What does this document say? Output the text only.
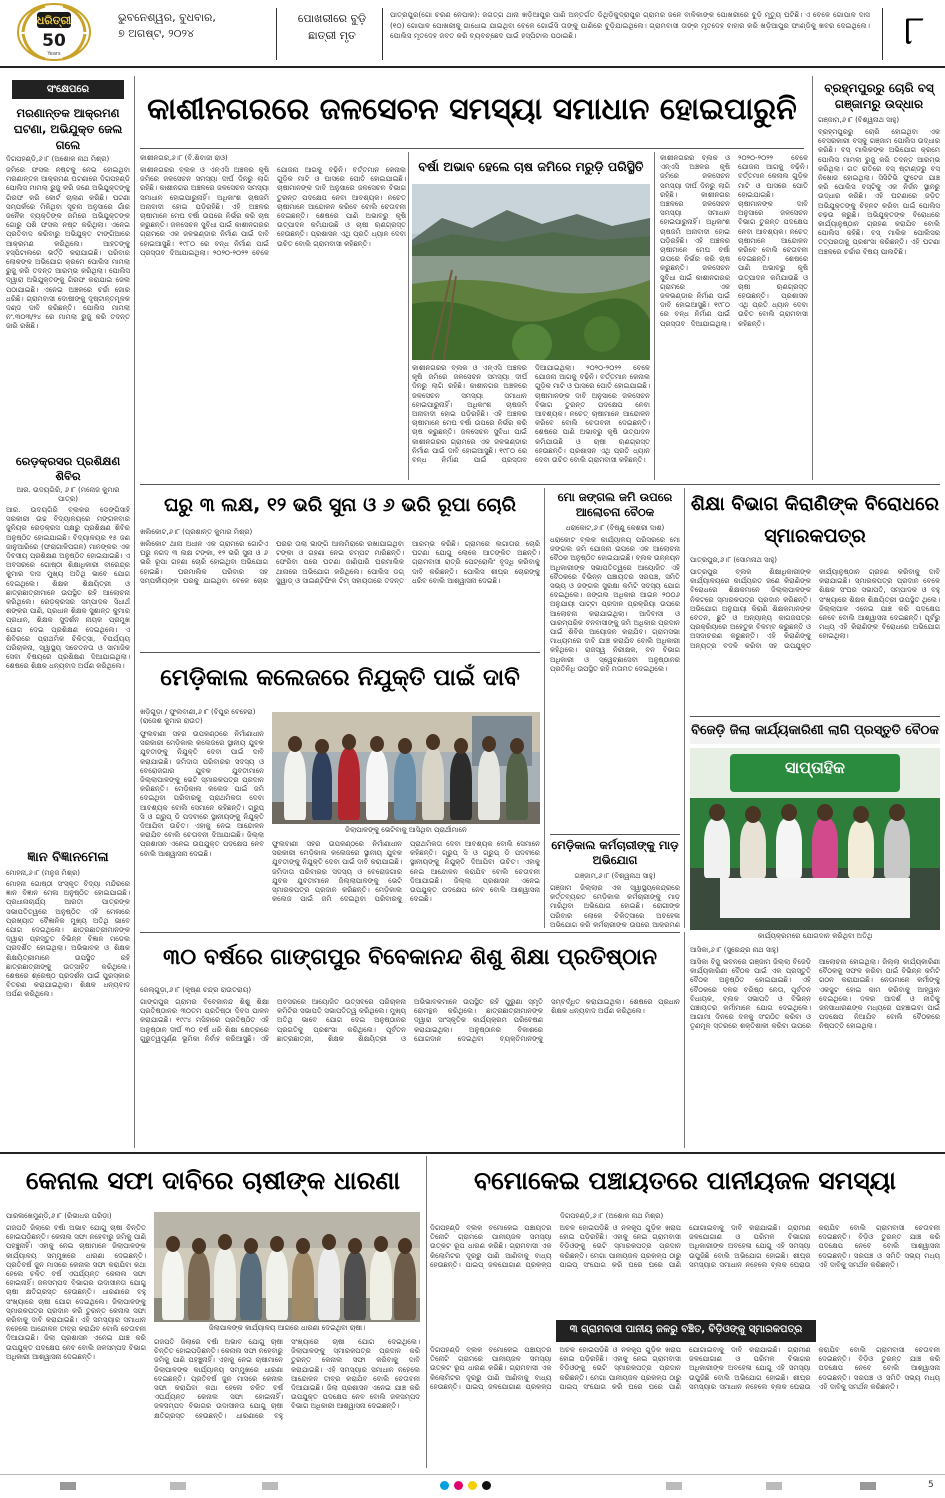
ଧରିତ୍ରୀ
50
Years
ଭୁବନେଶ୍ୱର, ବୁଧବାର,
୭ ଅଗଷ୍ଟ, ୨୦୨୪
ପୋଖରୀରେ ବୁଡ଼ି ଛାତ୍ରୀ ମୃତ
ପାତ୍ରପୁର(ଗୋ ଚରଣ ନେପାକ): ଜଗତ୍ଗ ଥାନା ଖଡ଼ିଆପୁର ପାଣି ଅନ୍ତର୍ଗତ ଡିଥିଡ଼ିକୁଦ୍ରାପୁର ଗ୍ରାମର ଜନେ ବାଳିକାଙ୍କ ପୋଖରୀରେ ବୁଡ଼ି ମୃତ୍ୟୁ ଘଟିଛି। ଏ ବେଳେ ଗୋପାଳ ଦାସ (୧୦) ଗୋପାଳ ପୋଖରୀକୁ ଗାଧୋଇ ଯାଇଥିବା ବେଳେ ଗୋଇଁସି ତାଙ୍କୁ ପାଣିରେ ବୁଡ଼ିଯାଇଥିଲେ। ଗ୍ରାମବାସୀ ତାଙ୍କ ମୃତଦେହ ବାହାର କରି ଖଡ଼ିଆପୁର ଫାଣ୍ଡିକୁ ଖବର ଦେଇଥିଲେ। ପୋଲିସ ମୃତଦେହ ଜବତ କରି ବ୍ୟବଚ୍ଛେଦ ପାଇଁ ହସ୍ପିଟାଲ ପଠାଇଛି।	୮
ସଂକ୍ଷେପରେ
ମରଣାନ୍ତକ ଆକ୍ରମଣ ଘଟଣା, ଅଭିଯୁକ୍ତ ଜେଲ ଗଲେ
ଦିଗପହଣ୍ଡି,୬।୮ (ଅଶୋକ ନାଥ ମିଶ୍ର)
ଜମିରେ ଫସଲ ନଷ୍ଟକୁ ନେଇ ହୋଇଥିବା ମରଣାନ୍ତକ ଆକ୍ରମଣ ଘଟଣାରେ ଦିଗପହଣ୍ଡି ପୋଲିସ ମାମଲା ରୁଜୁ କରି ଜଣେ ଅଭିଯୁକ୍ତଙ୍କୁ ଗିରଫ କରି କୋର୍ଟ ଚାଲାଣ କରିଛି। ଘଟଣା ସମ୍ପର୍କରେ ମିଳିଥିବା ସୂଚନା ଅନୁସାରେ ଗାଁର ଜନୈକ ବ୍ୟକ୍ତିଙ୍କ ଜମିରେ ଅଭିଯୁକ୍ତଙ୍କ ଗୋରୁ ପଶି ଫସଲ ନଷ୍ଟ କରିଥିଲା। ଏନେଇ ପ୍ରତିବାଦ କରିବାରୁ ଅଭିଯୁକ୍ତ ଟାଙ୍ଗିଆରେ ଆକ୍ରମଣ କରିଥିଲେ। ଆହତଙ୍କୁ ହସ୍ପିଟାଲରେ ଭର୍ତ୍ତି କରାଯାଇଛି। ପରିବାର ଲୋକଙ୍କ ଅଭିଯୋଗ କ୍ରମେ ପୋଲିସ ମାମଲା ରୁଜୁ କରି ତଦନ୍ତ ଆରମ୍ଭ କରିଥିଲା। ପୋଲିସ ଦ୍ୱାରା ଅଭିଯୁକ୍ତଙ୍କୁ ଗିରଫ କରାଯାଇ ଜେଲ ପଠାଯାଇଛି। ଏନେଇ ଅଞ୍ଚଳରେ ଚର୍ଚ୍ଚା ଜୋର ଧରିଛି। ଗ୍ରାମବାସୀ ଦୋଷୀଙ୍କୁ ଦୃଷ୍ଟାନ୍ତମୂଳକ ଦଣ୍ଡ ଦାବି କରିଛନ୍ତି। ପୋଲିସ ମାମଲା ନଂ.୩୦୩/୨୪ ରେ ମାମଲା ରୁଜୁ କରି ତଦନ୍ତ ଜାରି ରଖିଛି।
ରେଡ଼କ୍ରସର ପ୍ରଶିକ୍ଷଣ ଶିବିର
ଆର. ଉଦୟଗିରି, ୬।୮ (ମନୋଜ କୁମାର ପାତ୍ର)
ଆର. ଉଦୟଗିରି ବ୍ଲକର ଡେଙ୍ଗିସାହି ସରକାରୀ ଉଚ୍ଚ ବିଦ୍ୟାଳୟରେ ମଙ୍ଗଳବାର ଜୁନିୟର ରେଡ଼କ୍ରସ ପକ୍ଷରୁ ପ୍ରଶିକ୍ଷଣ ଶିବିର ଅନୁଷ୍ଠିତ ହୋଇଯାଇଛି। ବିଦ୍ୟାଳୟର ୧୫ ଜଣ ଜାନୁଆରିରେ (ଫରାଗାଳିପଗନ) ମାନଙ୍କର ଏକ ଦିବସୀୟ ପ୍ରଶିକ୍ଷଣ ଅନୁଷ୍ଠିତ ହୋଇଯାଇଛି। ଏ ଅବସରରେ ଗୋଷ୍ଠୀ ଶିକ୍ଷାଧିକାରୀ ବୀରେନ୍ଦ୍ର କୁମାର ଦାସ ମୁଖ୍ୟ ଅତିଥି ଭାବେ ଯୋଗ ଦେଇଥିଲେ। ଶିକ୍ଷକ ଶିକ୍ଷୟିତ୍ରୀ ଓ ଛାତ୍ରଛାତ୍ରୀମାନେ ଉପସ୍ଥିତ ରହି ଆଲୋଚନା କରିଥିଲେ। ରେଡ଼କ୍ରସର ସମ୍ପାଦକ ସିଧାର୍ଥ ଶଙ୍କର ପାଣି, ପ୍ରଧାନ ଶିକ୍ଷକ ସୁଶାନ୍ତ କୁମାର ପ୍ରଧାନ, ଶିକ୍ଷକ ସୁଦର୍ଶନ ନାୟକ ପ୍ରମୁଖ ଯୋଗ ଦେଇ ପ୍ରଶିକ୍ଷଣ ଦେଇଥିଲେ। ଏ ଶିବିରରେ ପ୍ରାଥମିକ ଚିକିତ୍ସା, ବିପର୍ଯ୍ୟୟ ପରିଚାଳନା, ସ୍ୱାସ୍ଥ୍ୟ ସଚେତନତା ଓ ସାମାଜିକ ସେବା ବିଷୟରେ ପ୍ରଶିକ୍ଷଣ ଦିଆଯାଇଥିଲା। ଶେଷରେ ଶିକ୍ଷକ ଧନ୍ୟବାଦ ଅର୍ପଣ କରିଥିଲେ।
ଜ୍ଞାନ ବିଜ୍ଞାନମେଳା
ମୋହନା,୬।୮ (ମନୁଜ ମିଶ୍ର)
ମୋହନା ଗୋଷ୍ଠୀ ସଂସ୍କୃତ ବିଦ୍ୟା ମନ୍ଦିରରେ ଜ୍ଞାନ ବିଜ୍ଞାନ ମେଳା ଅନୁଷ୍ଠିତ ହୋଇଯାଇଛି। ପ୍ରଧାନାଚାର୍ଯ୍ୟ ଆରତୀ ପାତ୍ରଙ୍କ ସଭାପତିତ୍ୱରେ ଅନୁଷ୍ଠିତ ଏହି ମେଳାରେ ପ୍ରଖ୍ୟାତ ବୈଜ୍ଞାନିକ ମୁଖ୍ୟ ଅତିଥି ଭାବେ ଯୋଗ ଦେଇଥିଲେ। ଛାତ୍ରଛାତ୍ରୀମାନଙ୍କ ଦ୍ୱାରା ପ୍ରସ୍ତୁତ ବିଭିନ୍ନ ବିଜ୍ଞାନ ମଡେଲ ପ୍ରଦର୍ଶିତ ହୋଇଥିଲା। ଅଭିଭାବକ ଓ ଶିକ୍ଷକ ଶିକ୍ଷୟିତ୍ରୀମାନେ ଉପସ୍ଥିତ ରହି ଛାତ୍ରଛାତ୍ରୀଙ୍କୁ ଉତ୍ସାହିତ କରିଥିଲେ। ଶେଷରେ ଶ୍ରେଷ୍ଠ ପ୍ରଦର୍ଶନ ପାଇଁ ପୁରସ୍କାର ବିତରଣ କରାଯାଇଥିଲା। ଶିକ୍ଷକ ଧନ୍ୟବାଦ ଅର୍ପଣ କରିଥିଲେ।
କାଶୀନଗରରେ ଜଳସେଚନ ସମସ୍ୟା ସମାଧାନ ହୋଇପାରୁନି
କାଶୀନଗର,୬।୮ (ବି.ଶିବାଜୀ ରାଓ)
କାଶୀନଗରର ବ୍ଲକ ଓ ଏନ୍‌ଏସି ଅଞ୍ଚଳର କୃଷି ଜମିରେ ଜଳସେଚନ ସମସ୍ୟା ଦୀର୍ଘ ଦିନରୁ ଲାଗି ରହିଛି। କାଶୀନଗର ଅଞ୍ଚଳରେ ଜଳସେଚନ ସମସ୍ୟା ସମାଧାନ ହୋଇପାରୁନାହିଁ। ଅଧିକାଂଶ ଚାଷଜମି ଅନାବାଦୀ ହୋଇ ପଡ଼ିରହିଛି। ଏହି ଅଞ୍ଚଳର ଚାଷୀମାନେ ମେଘ ବର୍ଷା ଉପରେ ନିର୍ଭର କରି ଚାଷ କରୁଛନ୍ତି। ଜଳସେଚନ ସୁବିଧା ପାଇଁ କାଶୀନଗରର ଗ୍ରାମରେ ଏକ ଜଳଭଣ୍ଡାର ନିର୍ମାଣ ପାଇଁ ଦାବି ହୋଇଆସୁଛି। ୧୯୮୦ ରେ ବନ୍ଧ ନିର୍ମାଣ ପାଇଁ ପ୍ରସ୍ତାବ ଦିଆଯାଇଥିଲା। ୨୦୨୦-୨୦୨୨ ବେଳେ ଯୋଜନା ଆଗକୁ ବଢ଼ିନି। ବର୍ତ୍ତମାନ କେନାଲ ଗୁଡ଼ିକ ମାଟି ଓ ଘାସରେ ପୋତି ହୋଇଯାଇଛି। ଚାଷୀମାନଙ୍କ ଦାବି ଅନୁସାରେ ଜଳସେଚନ ବିଭାଗ ତୁରନ୍ତ ପଦକ୍ଷେପ ନେବା ଆବଶ୍ୟକ। ନଚେତ୍ ଚାଷୀମାନେ ଆନ୍ଦୋଳନ କରିବେ ବୋଲି ଚେତାବନୀ ଦେଇଛନ୍ତି। ଶେଷରେ ପାଣି ଅଭାବରୁ କୃଷି ଉତ୍ପାଦନ କମିଯାଉଛି ଓ ଚାଷୀ ଋଣଗ୍ରସ୍ତ ହେଉଛନ୍ତି। ପ୍ରଶାସନ ଏଥି ପ୍ରତି ଧ୍ୟାନ ଦେବା ଉଚିତ ବୋଲି ଗ୍ରାମବାସୀ କହିଛନ୍ତି।
ବର୍ଷା ଅଭାବ ହେଲେ ଚାଷ ଜମିରେ ମରୁଡ଼ି ପରିସ୍ଥିତି
କାଶୀନଗରର ବ୍ଲକ ଓ ଏନ୍‌ଏସି ଅଞ୍ଚଳର କୃଷି ଜମିରେ ଜଳସେଚନ ସମସ୍ୟା ଦୀର୍ଘ ଦିନରୁ ଲାଗି ରହିଛି। କାଶୀନଗର ଅଞ୍ଚଳରେ ଜଳସେଚନ ସମସ୍ୟା ସମାଧାନ ହୋଇପାରୁନାହିଁ। ଅଧିକାଂଶ ଚାଷଜମି ଅନାବାଦୀ ହୋଇ ପଡ଼ିରହିଛି। ଏହି ଅଞ୍ଚଳର ଚାଷୀମାନେ ମେଘ ବର୍ଷା ଉପରେ ନିର୍ଭର କରି ଚାଷ କରୁଛନ୍ତି। ଜଳସେଚନ ସୁବିଧା ପାଇଁ କାଶୀନଗରର ଗ୍ରାମରେ ଏକ ଜଳଭଣ୍ଡାର ନିର୍ମାଣ ପାଇଁ ଦାବି ହୋଇଆସୁଛି। ୧୯୮୦ ରେ ବନ୍ଧ ନିର୍ମାଣ ପାଇଁ ପ୍ରସ୍ତାବ ଦିଆଯାଇଥିଲା। ୨୦୨୦-୨୦୨୨ ବେଳେ ଯୋଜନା ଆଗକୁ ବଢ଼ିନି। ବର୍ତ୍ତମାନ କେନାଲ ଗୁଡ଼ିକ ମାଟି ଓ ଘାସରେ ପୋତି ହୋଇଯାଇଛି। ଚାଷୀମାନଙ୍କ ଦାବି ଅନୁସାରେ ଜଳସେଚନ ବିଭାଗ ତୁରନ୍ତ ପଦକ୍ଷେପ ନେବା ଆବଶ୍ୟକ। ନଚେତ୍ ଚାଷୀମାନେ ଆନ୍ଦୋଳନ କରିବେ ବୋଲି ଚେତାବନୀ ଦେଇଛନ୍ତି। ଶେଷରେ ପାଣି ଅଭାବରୁ କୃଷି ଉତ୍ପାଦନ କମିଯାଉଛି ଓ ଚାଷୀ ଋଣଗ୍ରସ୍ତ ହେଉଛନ୍ତି। ପ୍ରଶାସନ ଏଥି ପ୍ରତି ଧ୍ୟାନ ଦେବା ଉଚିତ ବୋଲି ଗ୍ରାମବାସୀ କହିଛନ୍ତି।
କାଶୀନଗରର ବ୍ଲକ ଓ ଏନ୍‌ଏସି ଅଞ୍ଚଳର କୃଷି ଜମିରେ ଜଳସେଚନ ସମସ୍ୟା ଦୀର୍ଘ ଦିନରୁ ଲାଗି ରହିଛି। କାଶୀନଗର ଅଞ୍ଚଳରେ ଜଳସେଚନ ସମସ୍ୟା ସମାଧାନ ହୋଇପାରୁନାହିଁ। ଅଧିକାଂଶ ଚାଷଜମି ଅନାବାଦୀ ହୋଇ ପଡ଼ିରହିଛି। ଏହି ଅଞ୍ଚଳର ଚାଷୀମାନେ ମେଘ ବର୍ଷା ଉପରେ ନିର୍ଭର କରି ଚାଷ କରୁଛନ୍ତି। ଜଳସେଚନ ସୁବିଧା ପାଇଁ କାଶୀନଗରର ଗ୍ରାମରେ ଏକ ଜଳଭଣ୍ଡାର ନିର୍ମାଣ ପାଇଁ ଦାବି ହୋଇଆସୁଛି। ୧୯୮୦ ରେ ବନ୍ଧ ନିର୍ମାଣ ପାଇଁ ପ୍ରସ୍ତାବ ଦିଆଯାଇଥିଲା। ୨୦୨୦-୨୦୨୨ ବେଳେ ଯୋଜନା ଆଗକୁ ବଢ଼ିନି। ବର୍ତ୍ତମାନ କେନାଲ ଗୁଡ଼ିକ ମାଟି ଓ ଘାସରେ ପୋତି ହୋଇଯାଇଛି। ଚାଷୀମାନଙ୍କ ଦାବି ଅନୁସାରେ ଜଳସେଚନ ବିଭାଗ ତୁରନ୍ତ ପଦକ୍ଷେପ ନେବା ଆବଶ୍ୟକ। ନଚେତ୍ ଚାଷୀମାନେ ଆନ୍ଦୋଳନ କରିବେ ବୋଲି ଚେତାବନୀ ଦେଇଛନ୍ତି। ଶେଷରେ ପାଣି ଅଭାବରୁ କୃଷି ଉତ୍ପାଦନ କମିଯାଉଛି ଓ ଚାଷୀ ଋଣଗ୍ରସ୍ତ ହେଉଛନ୍ତି। ପ୍ରଶାସନ ଏଥି ପ୍ରତି ଧ୍ୟାନ ଦେବା ଉଚିତ ବୋଲି ଗ୍ରାମବାସୀ କହିଛନ୍ତି।
ବ୍ରହ୍ମପୁରରୁ ଚୋରି ବସ୍ ଗଞ୍ଜାମରୁ ଉଦ୍ଧାର
ଗଞ୍ଜାମ,୬।୮ (ବିଶ୍ୱନାଥ ସାହୁ)
ବ୍ରହ୍ମପୁରରୁ ଚୋରି ହୋଇଥିବା ଏକ ବେସରକାରୀ ବସ୍‌କୁ ଗଞ୍ଜାମ ପୋଲିସ ଉଦ୍ଧାର କରିଛି। ବସ୍ ମାଲିକଙ୍କ ଅଭିଯୋଗ କ୍ରମେ ପୋଲିସ ମାମଲା ରୁଜୁ କରି ତଦନ୍ତ ଆରମ୍ଭ କରିଥିଲା। ଗତ ରାତିରେ ବସ୍ ଷ୍ଟାଣ୍ଡରୁ ବସ୍ ନିଖୋଜ ହୋଇଥିଲା। ସିସିଟିଭି ଫୁଟେଜ ଯାଞ୍ଚ କରି ପୋଲିସ ବସ୍‌ଟିକୁ ଏକ ନିର୍ଜନ ସ୍ଥାନରୁ ଉଦ୍ଧାର କରିଛି। ଏହି ଘଟଣାରେ ଜଡ଼ିତ ଅଭିଯୁକ୍ତଙ୍କୁ ଚିହ୍ନଟ କରିବା ପାଇଁ ପୋଲିସ ଚଢ଼ଉ କରୁଛି। ଅଭିଯୁକ୍ତଙ୍କ ବିରୋଧରେ କାର୍ଯ୍ୟାନୁଷ୍ଠାନ ଗ୍ରହଣ କରାଯିବ ବୋଲି ପୋଲିସ କହିଛି। ବସ୍ ମାଲିକ ପୋଲିସର ତତ୍ପରତାକୁ ପ୍ରଶଂସା କରିଛନ୍ତି। ଏହି ଘଟଣା ଅଞ୍ଚଳରେ ଚର୍ଚ୍ଚାର ବିଷୟ ପାଲଟିଛି।
ଘରୁ ୩ ଲକ୍ଷ, ୧୨ ଭରି ସୁନା ଓ ୬ ଭରି ରୂପା ଚୋରି
ଖଲିକୋଟ,୬।୮ (ପ୍ରଶାନ୍ତ କୁମାର ମିଶ୍ର)
ଖଲିକୋଟ ଥାନା ଅଧୀନ ଏକ ଗ୍ରାମରେ ଗୋଟିଏ ଘରୁ ନଗଦ ୩ ଲକ୍ଷ ଟଙ୍କା, ୧୨ ଭରି ସୁନା ଓ ୬ ଭରି ରୂପା ଗହଣା ଚୋରି ହୋଇଥିବା ଅଭିଯୋଗ ହୋଇଛି। ଘରମାଲିକ ପରିବାର ସହ ସମ୍ପର୍କୀୟଙ୍କ ଘରକୁ ଯାଇଥିବା ବେଳେ ଚୋର ଘରର ତାଲା ଭାଙ୍ଗି ଆଲମିରାରେ ରଖାଯାଇଥିବା ଟଙ୍କା ଓ ଗହଣା ନେଇ ଚମ୍ପଟ ମାରିଛନ୍ତି। ଫେରିବା ପରେ ଘଟଣା ଜାଣିପାରି ଘରମାଲିକ ଥାନାରେ ଅଭିଯୋଗ କରିଥିଲେ। ପୋଲିସ ଡଗ୍ ସ୍କ୍ୱାଡ୍ ଓ ସାଇଣ୍ଟିଫିକ ଟିମ୍ ସହାୟତାରେ ତଦନ୍ତ ଆରମ୍ଭ କରିଛି। ଗ୍ରାମରେ ଲଗାତାର ଚୋରି ଘଟଣା ଯୋଗୁ ଲୋକେ ଆତଙ୍କିତ ଅଛନ୍ତି। ଗ୍ରାମବାସୀ ରାତ୍ରି ପେଟ୍ରୋଲିଂ ବୃଦ୍ଧି କରିବାକୁ ଦାବି କରିଛନ୍ତି। ପୋଲିସ ଶୀଘ୍ର ଚୋରଙ୍କୁ ଧରିବ ବୋଲି ଆଶ୍ୱାସନା ଦେଇଛି।
ମୋ ଜଙ୍ଗଲ ଜମି ଉପରେ ଆଲୋଚନା ବୈଠକ
ଧରାକୋଟ,୬।୮ (ବିଷ୍ଣୁ କେଶରୀ ଦାଶ)
ଧରାକୋଟ ବ୍ଲକ କାର୍ଯ୍ୟାଳୟ ପରିସରରେ ମୋ ଜଙ୍ଗଲ ଜମି ଯୋଜନା ଉପରେ ଏକ ଆଲୋଚନା ବୈଠକ ଅନୁଷ୍ଠିତ ହୋଇଯାଇଛି। ବ୍ଲକ ଉନ୍ନୟନ ଅଧିକାରୀଙ୍କ ସଭାପତିତ୍ୱରେ ଆୟୋଜିତ ଏହି ବୈଠକରେ ବିଭିନ୍ନ ପଞ୍ଚାୟତର ସରପଞ୍ଚ, ସମିତି ସଭ୍ୟ ଓ ଜଙ୍ଗଲ ସୁରକ୍ଷା କମିଟି ସଦସ୍ୟ ଯୋଗ ଦେଇଥିଲେ। ଜଙ୍ଗଲ ଅଧିକାର ଆଇନ ୨୦୦୬ ଅନୁଯାୟୀ ପାଟ୍ଟା ପ୍ରଦାନ ପ୍ରକ୍ରିୟା ଉପରେ ଆଲୋଚନା କରାଯାଇଥିଲା। ଆଦିବାସୀ ଓ ପାରମ୍ପରିକ ବନବାସୀଙ୍କୁ ଜମି ଅଧିକାର ପ୍ରଦାନ ପାଇଁ ଶିବିର ଆୟୋଜନ କରାଯିବ। ଗ୍ରାମସଭା ମାଧ୍ୟମରେ ଦାବି ଯାଞ୍ଚ କରାଯିବ ବୋଲି ଅଧିକାରୀ କହିଥିଲେ। ରାଜସ୍ୱ ନିରୀକ୍ଷକ, ବନ ବିଭାଗ ଅଧିକାରୀ ଓ ସ୍ୱେଚ୍ଛାସେବୀ ଅନୁଷ୍ଠାନର ପ୍ରତିନିଧି ଉପସ୍ଥିତ ରହି ମତାମତ ଦେଇଥିଲେ।
ଶିକ୍ଷା ବିଭାଗ କିରାଣିଙ୍କ ବିରୋଧରେ ସ୍ମାରକପତ୍ର
ପାତ୍ରପୁର,୬।୮ (ସୋମନାଥ ସାହୁ)
ପାତ୍ରପୁର ବ୍ଲକ ଶିକ୍ଷାଧିକାରୀଙ୍କ କାର୍ଯ୍ୟାଳୟରେ କାର୍ଯ୍ୟରତ ଜଣେ କିରାଣିଙ୍କ ବିରୋଧରେ ଶିକ୍ଷକମାନେ ଜିଲ୍ଲାପାଳଙ୍କ ନିକଟରେ ସ୍ମାରକପତ୍ର ପ୍ରଦାନ କରିଛନ୍ତି। ଅଭିଯୋଗ ଅନୁଯାୟୀ କିରାଣି ଶିକ୍ଷକମାନଙ୍କ ବେତନ, ଛୁଟି ଓ ଅନ୍ୟାନ୍ୟ କାଗଜପତ୍ର ପ୍ରକ୍ରିୟାରେ ଅହେତୁକ ବିଳମ୍ବ କରୁଛନ୍ତି ଓ ଅସଦାଚରଣ କରୁଛନ୍ତି। ଏହି କିରାଣିଙ୍କୁ ଅନ୍ୟତ୍ର ବଦଳି କରିବା ସହ ଉପଯୁକ୍ତ କାର୍ଯ୍ୟାନୁଷ୍ଠାନ ଗ୍ରହଣ କରିବାକୁ ଦାବି କରାଯାଇଛି। ସ୍ମାରକପତ୍ର ପ୍ରଦାନ ବେଳେ ଶିକ୍ଷକ ସଂଘର ସଭାପତି, ସମ୍ପାଦକ ଓ ବହୁ ସଂଖ୍ୟାରେ ଶିକ୍ଷକ ଶିକ୍ଷୟିତ୍ରୀ ଉପସ୍ଥିତ ଥିଲେ। ଜିଲ୍ଲାପାଳ ଏନେଇ ଯାଞ୍ଚ କରି ପଦକ୍ଷେପ ନେବେ ବୋଲି ଆଶ୍ୱାସନା ଦେଇଛନ୍ତି। ପୂର୍ବରୁ ମଧ୍ୟ ଏହି କିରାଣିଙ୍କ ବିରୋଧରେ ଅଭିଯୋଗ ହୋଇଥିଲା।
ମେଡ଼ିକାଲ କଲେଜରେ ନିଯୁକ୍ତି ପାଇଁ ଦାବି
ଖଡ଼ିଗୁଡ଼ା / ଫୁଲବାଣୀ,୬।୮ (ବିପୁର ବେହେରା) (ରାଜେଶ କୁମାର ରାଉତ)
ଫୁଲବାଣୀ ସହର ଉପକଣ୍ଠରେ ନିର୍ମାଣାଧୀନ ସରକାରୀ ମେଡ଼ିକାଲ କଲେଜରେ ସ୍ଥାନୀୟ ଯୁବକ ଯୁବତୀଙ୍କୁ ନିଯୁକ୍ତି ଦେବା ପାଇଁ ଦାବି କରାଯାଇଛି। ଜମିଦାତା ପରିବାରର ସଦସ୍ୟ ଓ ବେରୋଜଗାର ଯୁବକ ଯୁବତୀମାନେ ଜିଲ୍ଲାପାଳଙ୍କୁ ଭେଟି ସ୍ମାରକପତ୍ର ପ୍ରଦାନ କରିଛନ୍ତି। ମେଡ଼ିକାଲ କଲେଜ ପାଇଁ ଜମି ଦେଇଥିବା ପରିବାରକୁ ପ୍ରାଥମିକତା ଦେବା ଆବଶ୍ୟକ ବୋଲି ସେମାନେ କହିଛନ୍ତି। ଗ୍ରୁପ୍ ସି ଓ ଗ୍ରୁପ୍ ଡି ପଦବୀରେ ସ୍ଥାନୀୟଙ୍କୁ ନିଯୁକ୍ତି ଦିଆଯିବା ଉଚିତ। ଏହାକୁ ନେଇ ଆନ୍ଦୋଳନ କରାଯିବ ବୋଲି ଚେତାବନୀ ଦିଆଯାଇଛି। ଜିଲ୍ଲା ପ୍ରଶାସନ ଏନେଇ ଉପଯୁକ୍ତ ପଦକ୍ଷେପ ନେବ ବୋଲି ଆଶ୍ୱାସନା ଦେଇଛି।
ଜିଲାପାଳଙ୍କୁ ଭେଟିବାକୁ ଆସିଥିବା ପ୍ରାର୍ଥୀମାନେ
ଫୁଲବାଣୀ ସହର ଉପକଣ୍ଠରେ ନିର୍ମାଣାଧୀନ ସରକାରୀ ମେଡ଼ିକାଲ କଲେଜରେ ସ୍ଥାନୀୟ ଯୁବକ ଯୁବତୀଙ୍କୁ ନିଯୁକ୍ତି ଦେବା ପାଇଁ ଦାବି କରାଯାଇଛି। ଜମିଦାତା ପରିବାରର ସଦସ୍ୟ ଓ ବେରୋଜଗାର ଯୁବକ ଯୁବତୀମାନେ ଜିଲ୍ଲାପାଳଙ୍କୁ ଭେଟି ସ୍ମାରକପତ୍ର ପ୍ରଦାନ କରିଛନ୍ତି। ମେଡ଼ିକାଲ କଲେଜ ପାଇଁ ଜମି ଦେଇଥିବା ପରିବାରକୁ ପ୍ରାଥମିକତା ଦେବା ଆବଶ୍ୟକ ବୋଲି ସେମାନେ କହିଛନ୍ତି। ଗ୍ରୁପ୍ ସି ଓ ଗ୍ରୁପ୍ ଡି ପଦବୀରେ ସ୍ଥାନୀୟଙ୍କୁ ନିଯୁକ୍ତି ଦିଆଯିବା ଉଚିତ। ଏହାକୁ ନେଇ ଆନ୍ଦୋଳନ କରାଯିବ ବୋଲି ଚେତାବନୀ ଦିଆଯାଇଛି। ଜିଲ୍ଲା ପ୍ରଶାସନ ଏନେଇ ଉପଯୁକ୍ତ ପଦକ୍ଷେପ ନେବ ବୋଲି ଆଶ୍ୱାସନା ଦେଇଛି।
ମେଡ଼ିକାଲ କର୍ମଚାରୀଙ୍କୁ ମାଡ଼ ଅଭିଯୋଗ
ଗଞ୍ଜାମ,୬।୮ (ବିଶ୍ୱନାଥ ସାହୁ)
ଗଞ୍ଜାମ ଜିଲ୍ଲାର ଏକ ସ୍ୱାସ୍ଥ୍ୟକେନ୍ଦ୍ରରେ କର୍ତ୍ତବ୍ୟରତ ମେଡ଼ିକାଲ କର୍ମଚାରୀଙ୍କୁ ମାଡ଼ ମାରିଥିବା ଅଭିଯୋଗ ହୋଇଛି। ରୋଗୀଙ୍କ ପରିବାର ଲୋକେ ଚିକିତ୍ସାରେ ଅବହେଳା ଅଭିଯୋଗ କରି କର୍ମଚାରୀଙ୍କ ଉପରେ ଆକ୍ରମଣ
ବିଜେଡ଼ି ଜିଲା କାର୍ଯ୍ୟକାରିଣୀ ଲାଗି ପ୍ରସ୍ତୁତି ବୈଠକ
ସାପ୍ତାହିକ
କାର୍ଯ୍ୟକ୍ରମରେ ଯୋଗଦାନ କରିଥିବା ଅତିଥି
ଆସିକା,୬।୮ (ସୁରେନ୍ଦ୍ର ନାଥ ସାହୁ)
ଆସିକା ବିଜୁ ଭବନରେ ଗଞ୍ଜାମ ଜିଲ୍ଲା ବିଜେଡ଼ି କାର୍ଯ୍ୟକାରିଣୀ ବୈଠକ ପାଇଁ ଏକ ପ୍ରସ୍ତୁତି ବୈଠକ ଅନୁଷ୍ଠିତ ହୋଇଯାଇଛି। ଏହି ବୈଠକରେ ଦଳର ବରିଷ୍ଠ ନେତା, ପୂର୍ବତନ ବିଧାୟକ, ବ୍ଲକ ସଭାପତି ଓ ବିଭିନ୍ନ ପଞ୍ଚାୟତର କର୍ମୀମାନେ ଯୋଗ ଦେଇଥିଲେ। ଆଗାମୀ ଦିନରେ ଦଳକୁ ସଂଗଠିତ କରିବା ଓ ତୃଣମୂଳ ସ୍ତରରେ ଶକ୍ତିଶାଳୀ କରିବା ଉପରେ ଆଲୋଚନା ହୋଇଥିଲା। ଜିଲ୍ଲା କାର୍ଯ୍ୟକାରିଣୀ ବୈଠକକୁ ସଫଳ କରିବା ପାଇଁ ବିଭିନ୍ନ କମିଟି ଗଠନ କରାଯାଇଛି। ନେତାମାନେ କର୍ମୀଙ୍କୁ ଏକଜୁଟ ହୋଇ କାମ କରିବାକୁ ଆହ୍ୱାନ ଦେଇଥିଲେ। ଦଳର ଆଦର୍ଶ ଓ ନୀତିକୁ ଜନସାଧାରଣଙ୍କ ମଧ୍ୟରେ ପହଞ୍ଚାଇବା ପାଇଁ ପଦକ୍ଷେପ ନିଆଯିବ ବୋଲି ବୈଠକରେ ନିଷ୍ପତ୍ତି ହୋଇଥିଲା।
୩୦ ବର୍ଷରେ ଗାଙ୍ଗପୁର ବିବେକାନନ୍ଦ ଶିଶୁ ଶିକ୍ଷା ପ୍ରତିଷ୍ଠାନ
ଜେଲ୍‌ଗୁଡ଼ା,୬।୮ (କୃଷ୍ଣ ଚନ୍ଦ୍ର ରାଉତରାୟ)
ଗାଙ୍ଗପୁର ଗ୍ରାମର ବିବେକାନନ୍ଦ ଶିଶୁ ଶିକ୍ଷା ପ୍ରତିଷ୍ଠାନର ୩୦ତମ ପ୍ରତିଷ୍ଠା ଦିବସ ପାଳନ କରାଯାଇଛି। ୧୯୯୪ ମସିହାରେ ପ୍ରତିଷ୍ଠିତ ଏହି ଅନୁଷ୍ଠାନ ଦୀର୍ଘ ୩୦ ବର୍ଷ ଧରି ଶିକ୍ଷା କ୍ଷେତ୍ରରେ ଗୁରୁତ୍ୱପୂର୍ଣ୍ଣ ଭୂମିକା ନିର୍ବାହ କରିଆସୁଛି। ଏହି ଅବସରରେ ଆୟୋଜିତ ଉତ୍ସବରେ ପରିଚାଳନା କମିଟିର ସଭାପତି ସଭାପତିତ୍ୱ କରିଥିଲେ। ମୁଖ୍ୟ ଅତିଥି ଭାବେ ଯୋଗ ଦେଇ ଅନୁଷ୍ଠାନର ପ୍ରଗତିକୁ ପ୍ରଶଂସା କରିଥିଲେ। ପୂର୍ବତନ ଛାତ୍ରଛାତ୍ରୀ, ଶିକ୍ଷକ ଶିକ୍ଷୟିତ୍ରୀ ଓ ଅଭିଭାବକମାନେ ଉପସ୍ଥିତ ରହି ପୁରୁଣା ସ୍ମୃତି ରୋମନ୍ଥନ କରିଥିଲେ। ଛାତ୍ରଛାତ୍ରୀମାନଙ୍କ ଦ୍ୱାରା ସାଂସ୍କୃତିକ କାର୍ଯ୍ୟକ୍ରମ ପରିବେଷଣ କରାଯାଇଥିଲା। ଅନୁଷ୍ଠାନର ବିକାଶରେ ଯୋଗଦାନ ଦେଇଥିବା ବ୍ୟକ୍ତିମାନଙ୍କୁ ସମ୍ବର୍ଦ୍ଧିତ କରାଯାଇଥିଲା। ଶେଷରେ ପ୍ରଧାନ ଶିକ୍ଷକ ଧନ୍ୟବାଦ ଅର୍ପଣ କରିଥିଲେ।
କେନାଲ ସଫା ଦାବିରେ ଚାଷୀଙ୍କ ଧାରଣା
ପାରଳାଖେମୁଣ୍ଡି,୬।୮ (ରିଭାଧର ପରିଡ଼ା)
ଜିଲାପାଳଙ୍କ କାର୍ଯ୍ୟାଳୟ ଆଗରେ ଧାରଣା ଦେଇଥିବା ଚାଷୀ।
ଗଜପତି ଜିଲାରେ ବର୍ଷା ଅଭାବ ଯୋଗୁ ଚାଷୀ ଚିନ୍ତିତ ହୋଇପଡ଼ିଛନ୍ତି। କେନାଲ ସଫା ନହେବାରୁ ଜମିକୁ ପାଣି ପହଞ୍ଚୁନାହିଁ। ଏହାକୁ ନେଇ ଚାଷୀମାନେ ଜିଲାପାଳଙ୍କ କାର୍ଯ୍ୟାଳୟ ସମ୍ମୁଖରେ ଧାରଣା ଦେଇଛନ୍ତି। ପ୍ରତିବର୍ଷ ଜୁନ ମାସରେ କେନାଲ ସଫା କରାଯିବା କଥା ହେଲେ ଚଳିତ ବର୍ଷ ଏପର୍ଯ୍ୟନ୍ତ କେନାଲ ସଫା ହୋଇନାହିଁ। ଜଳସମ୍ପଦ ବିଭାଗର ଉଦାସୀନତା ଯୋଗୁ ଚାଷୀ କ୍ଷତିଗ୍ରସ୍ତ ହେଉଛନ୍ତି। ଧାରଣାରେ ବହୁ ସଂଖ୍ୟାରେ ଚାଷୀ ଯୋଗ ଦେଇଥିଲେ। ଜିଲାପାଳଙ୍କୁ ସ୍ମାରକପତ୍ର ପ୍ରଦାନ କରି ତୁରନ୍ତ କେନାଲ ସଫା କରିବାକୁ ଦାବି କରାଯାଇଛି। ଏହି ସମସ୍ୟାର ସମାଧାନ ନହେଲେ ଆନ୍ଦୋଳନ ତୀବ୍ର କରାଯିବ ବୋଲି ଚେତାବନୀ ଦିଆଯାଇଛି। ଜିଲା ପ୍ରଶାସନ ଏନେଇ ଯାଞ୍ଚ କରି ଉପଯୁକ୍ତ ପଦକ୍ଷେପ ନେବ ବୋଲି ଜଳସମ୍ପଦ ବିଭାଗ ଅଧିକାରୀ ଆଶ୍ୱାସନା ଦେଇଛନ୍ତି।
ଗଜପତି ଜିଲାରେ ବର୍ଷା ଅଭାବ ଯୋଗୁ ଚାଷୀ ଚିନ୍ତିତ ହୋଇପଡ଼ିଛନ୍ତି। କେନାଲ ସଫା ନହେବାରୁ ଜମିକୁ ପାଣି ପହଞ୍ଚୁନାହିଁ। ଏହାକୁ ନେଇ ଚାଷୀମାନେ ଜିଲାପାଳଙ୍କ କାର୍ଯ୍ୟାଳୟ ସମ୍ମୁଖରେ ଧାରଣା ଦେଇଛନ୍ତି। ପ୍ରତିବର୍ଷ ଜୁନ ମାସରେ କେନାଲ ସଫା କରାଯିବା କଥା ହେଲେ ଚଳିତ ବର୍ଷ ଏପର୍ଯ୍ୟନ୍ତ କେନାଲ ସଫା ହୋଇନାହିଁ। ଜଳସମ୍ପଦ ବିଭାଗର ଉଦାସୀନତା ଯୋଗୁ ଚାଷୀ କ୍ଷତିଗ୍ରସ୍ତ ହେଉଛନ୍ତି। ଧାରଣାରେ ବହୁ ସଂଖ୍ୟାରେ ଚାଷୀ ଯୋଗ ଦେଇଥିଲେ। ଜିଲାପାଳଙ୍କୁ ସ୍ମାରକପତ୍ର ପ୍ରଦାନ କରି ତୁରନ୍ତ କେନାଲ ସଫା କରିବାକୁ ଦାବି କରାଯାଇଛି। ଏହି ସମସ୍ୟାର ସମାଧାନ ନହେଲେ ଆନ୍ଦୋଳନ ତୀବ୍ର କରାଯିବ ବୋଲି ଚେତାବନୀ ଦିଆଯାଇଛି। ଜିଲା ପ୍ରଶାସନ ଏନେଇ ଯାଞ୍ଚ କରି ଉପଯୁକ୍ତ ପଦକ୍ଷେପ ନେବ ବୋଲି ଜଳସମ୍ପଦ ବିଭାଗ ଅଧିକାରୀ ଆଶ୍ୱାସନା ଦେଇଛନ୍ତି।
ବମୋକେଇ ପଞ୍ଚାୟତରେ ପାନୀୟଜଳ ସମସ୍ୟା
ଦିଗପହଣ୍ଡି,୬।୮ (ଅଶୋକ ନାଥ ମିଶ୍ର)
ଦିଗପହଣ୍ଡି ବ୍ଲକ ବମୋକେଇ ପଞ୍ଚାୟତର ତିନୋଟି ଗ୍ରାମରେ ପାନୀୟଜଳ ସମସ୍ୟା ଉତ୍କଟ ରୂପ ଧାରଣ କରିଛି। ଗ୍ରାମବାସୀ ଏକ କିଲୋମିଟର ଦୂରରୁ ପାଣି ଆଣିବାକୁ ବାଧ୍ୟ ହେଉଛନ୍ତି। ପାଇପ୍ ଜଳଯୋଗାଣ ପ୍ରକଳ୍ପ ଅଚଳ ହୋଇପଡ଼ିଛି ଓ ନଳକୂପ ଗୁଡ଼ିକ ଖରାପ ହୋଇ ପଡ଼ିରହିଛି। ଏହାକୁ ନେଇ ଗ୍ରାମବାସୀ ବିଡ଼ିଓଙ୍କୁ ଭେଟି ସ୍ମାରକପତ୍ର ପ୍ରଦାନ କରିଛନ୍ତି। ମେଗା ପାନୀୟଜଳ ପ୍ରକଳ୍ପ ଠାରୁ ପାଇପ୍ ସଂଯୋଗ କରି ଘରେ ଘରେ ପାଣି ଯୋଗାଇବାକୁ ଦାବି କରାଯାଇଛି। ଗ୍ରାମୀଣ ଜଳଯୋଗାଣ ଓ ପରିମଳ ବିଭାଗର ଅଧିକାରୀଙ୍କ ଅବହେଳା ଯୋଗୁ ଏହି ସମସ୍ୟା ଉପୁଜିଛି ବୋଲି ଅଭିଯୋଗ ହୋଇଛି। ଶୀଘ୍ର ସମସ୍ୟାର ସମାଧାନ ନହେଲେ ବ୍ଲକ ଘେରାଉ କରାଯିବ ବୋଲି ଗ୍ରାମବାସୀ ଚେତାବନୀ ଦେଇଛନ୍ତି। ବିଡ଼ିଓ ତୁରନ୍ତ ଯାଞ୍ଚ କରି ପଦକ୍ଷେପ ନେବେ ବୋଲି ଆଶ୍ୱାସନା ଦେଇଛନ୍ତି। ସରପଞ୍ଚ ଓ ସମିତି ସଭ୍ୟ ମଧ୍ୟ ଏହି ଦାବିକୁ ସମର୍ଥନ କରିଛନ୍ତି।
୩ ଗ୍ରାମବାସୀ ପାନୀୟ ଜଳରୁ ବଞ୍ଚିତ, ବିଡ଼ିଓଙ୍କୁ ସ୍ମାରକପତ୍ର
ଦିଗପହଣ୍ଡି ବ୍ଲକ ବମୋକେଇ ପଞ୍ଚାୟତର ତିନୋଟି ଗ୍ରାମରେ ପାନୀୟଜଳ ସମସ୍ୟା ଉତ୍କଟ ରୂପ ଧାରଣ କରିଛି। ଗ୍ରାମବାସୀ ଏକ କିଲୋମିଟର ଦୂରରୁ ପାଣି ଆଣିବାକୁ ବାଧ୍ୟ ହେଉଛନ୍ତି। ପାଇପ୍ ଜଳଯୋଗାଣ ପ୍ରକଳ୍ପ ଅଚଳ ହୋଇପଡ଼ିଛି ଓ ନଳକୂପ ଗୁଡ଼ିକ ଖରାପ ହୋଇ ପଡ଼ିରହିଛି। ଏହାକୁ ନେଇ ଗ୍ରାମବାସୀ ବିଡ଼ିଓଙ୍କୁ ଭେଟି ସ୍ମାରକପତ୍ର ପ୍ରଦାନ କରିଛନ୍ତି। ମେଗା ପାନୀୟଜଳ ପ୍ରକଳ୍ପ ଠାରୁ ପାଇପ୍ ସଂଯୋଗ କରି ଘରେ ଘରେ ପାଣି ଯୋଗାଇବାକୁ ଦାବି କରାଯାଇଛି। ଗ୍ରାମୀଣ ଜଳଯୋଗାଣ ଓ ପରିମଳ ବିଭାଗର ଅଧିକାରୀଙ୍କ ଅବହେଳା ଯୋଗୁ ଏହି ସମସ୍ୟା ଉପୁଜିଛି ବୋଲି ଅଭିଯୋଗ ହୋଇଛି। ଶୀଘ୍ର ସମସ୍ୟାର ସମାଧାନ ନହେଲେ ବ୍ଲକ ଘେରାଉ କରାଯିବ ବୋଲି ଗ୍ରାମବାସୀ ଚେତାବନୀ ଦେଇଛନ୍ତି। ବିଡ଼ିଓ ତୁରନ୍ତ ଯାଞ୍ଚ କରି ପଦକ୍ଷେପ ନେବେ ବୋଲି ଆଶ୍ୱାସନା ଦେଇଛନ୍ତି। ସରପଞ୍ଚ ଓ ସମିତି ସଭ୍ୟ ମଧ୍ୟ ଏହି ଦାବିକୁ ସମର୍ଥନ କରିଛନ୍ତି।
5
